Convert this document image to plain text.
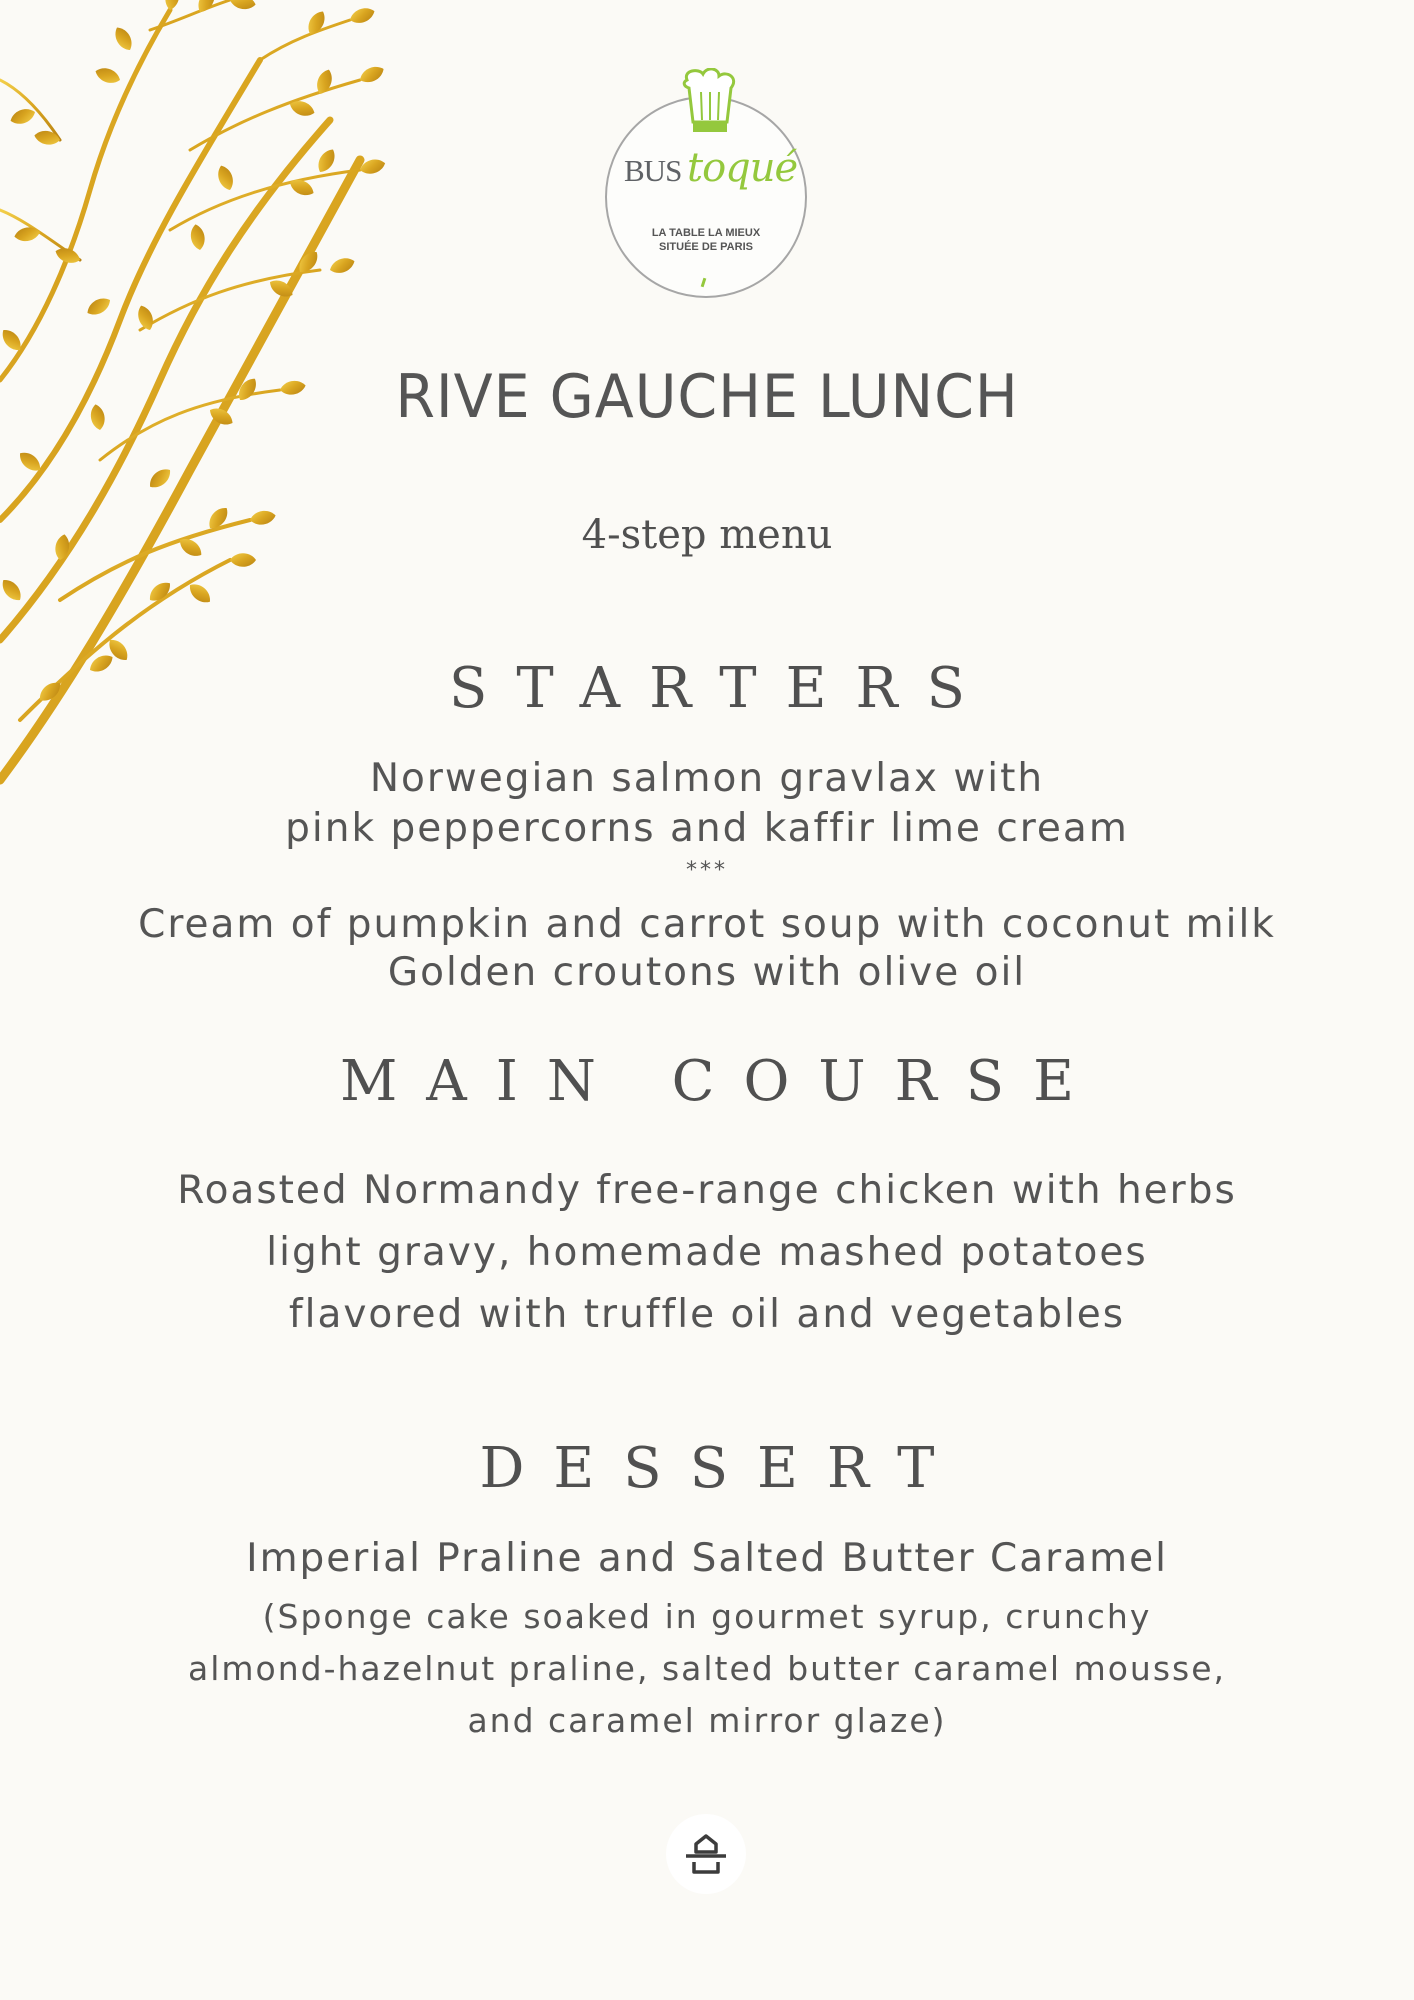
BUS toqué
LA TABLE LA MIEUX
SITUÉE DE PARIS
RIVE GAUCHE LUNCH
4-step menu
STARTERS
Norwegian salmon gravlax with
pink peppercorns and kaffir lime cream
***
Cream of pumpkin and carrot soup with coconut milk
Golden croutons with olive oil
MAIN COURSE
Roasted Normandy free-range chicken with herbs
light gravy, homemade mashed potatoes
flavored with truffle oil and vegetables
DESSERT
Imperial Praline and Salted Butter Caramel
(Sponge cake soaked in gourmet syrup, crunchy
almond-hazelnut praline, salted butter caramel mousse,
and caramel mirror glaze)
